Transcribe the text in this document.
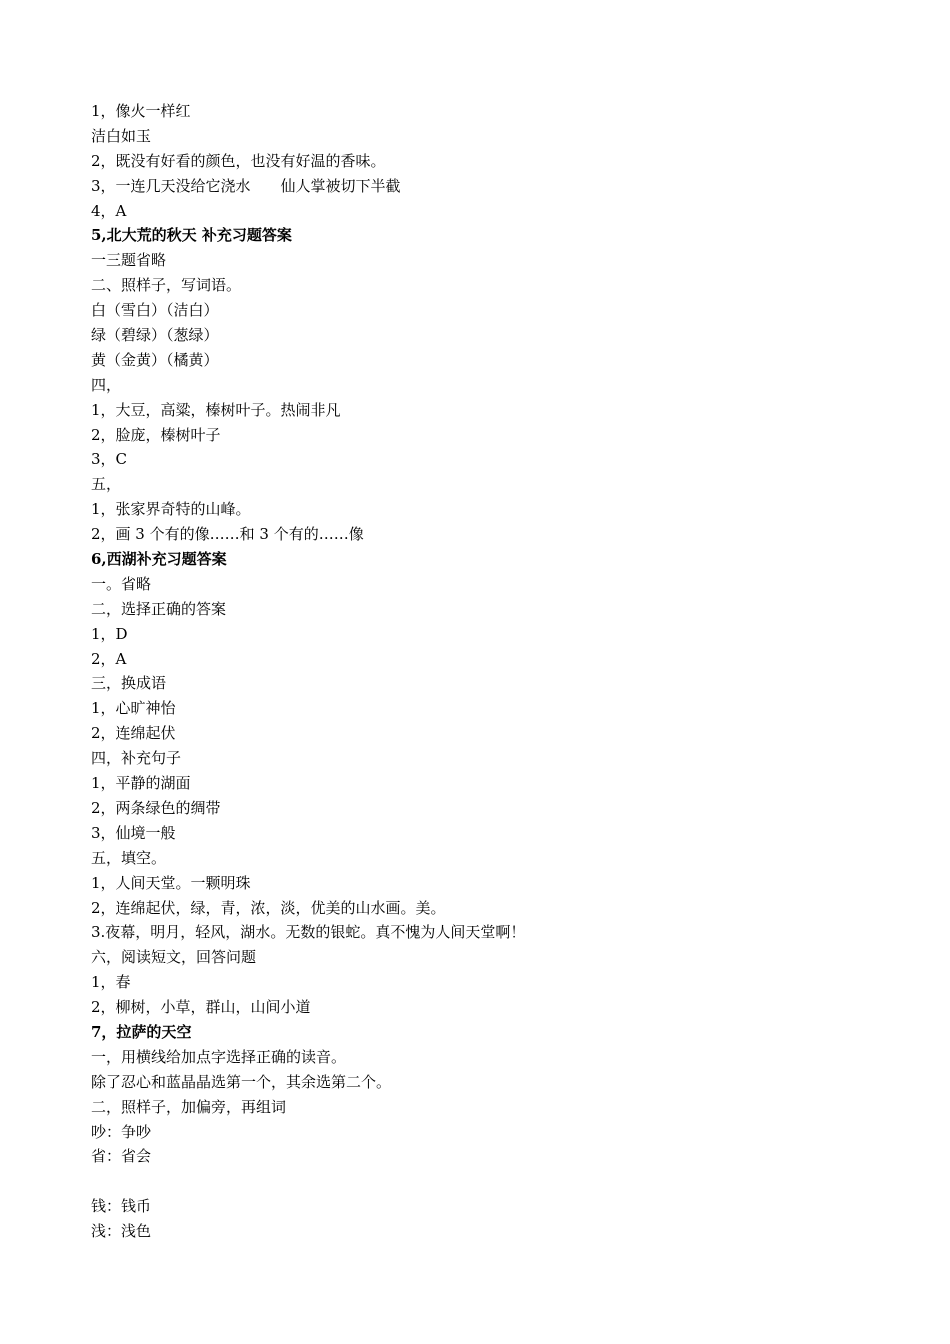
1，像火一样红
洁白如玉
2，既没有好看的颜色，也没有好温的香味。
3，一连几天没给它浇水　　仙人掌被切下半截
4，A
5,北大荒的秋天 补充习题答案
一三题省略
二、照样子，写词语。
白（雪白）（洁白）
绿（碧绿）（葱绿）
黄（金黄）（橘黄）
四，
1，大豆，高粱，榛树叶子。热闹非凡
2，脸庞，榛树叶子
3，C
五，
1，张家界奇特的山峰。
2，画 3 个有的像……和 3 个有的……像
6,西湖补充习题答案
一。省略
二，选择正确的答案
1，D
2，A
三，换成语
1，心旷神怡
2，连绵起伏
四，补充句子
1，平静的湖面
2，两条绿色的绸带
3，仙境一般
五，填空。
1，人间天堂。一颗明珠
2，连绵起伏，绿，青，浓，淡，优美的山水画。美。
3.夜幕，明月，轻风，湖水。无数的银蛇。真不愧为人间天堂啊！
六，阅读短文，回答问题
1，春
2，柳树，小草，群山，山间小道
7，拉萨的天空
一，用横线给加点字选择正确的读音。
除了忍心和蓝晶晶选第一个，其余选第二个。
二，照样子，加偏旁，再组词
吵：争吵
省：省会
钱：钱币
浅：浅色
